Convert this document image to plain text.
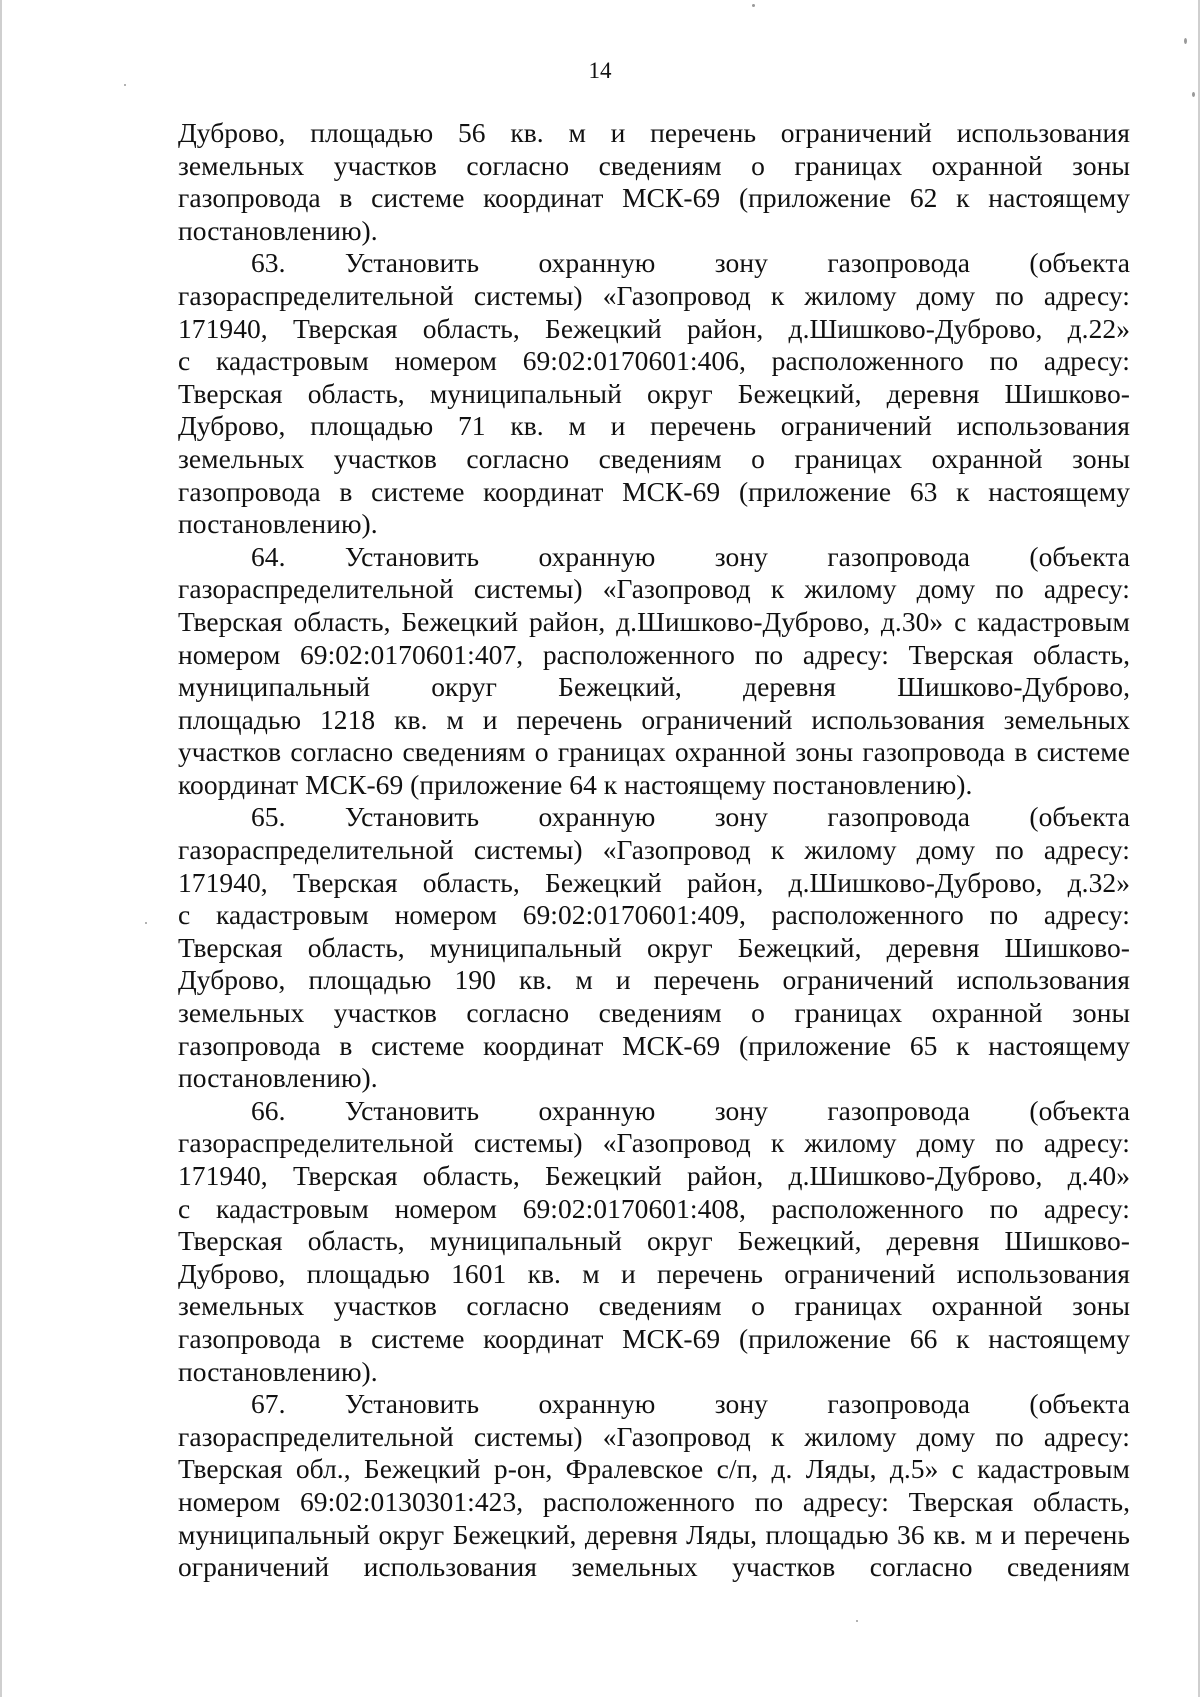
14
Дуброво, площадью 56 кв. м и перечень ограничений использования
земельных участков согласно сведениям о границах охранной зоны
газопровода в системе координат МСК-69 (приложение 62 к настоящему
постановлению).
63. Установить охранную зону газопровода (объекта
газораспределительной системы) «Газопровод к жилому дому по адресу:
171940, Тверская область, Бежецкий район, д.Шишково-Дуброво, д.22»
с кадастровым номером 69:02:0170601:406, расположенного по адресу:
Тверская область, муниципальный округ Бежецкий, деревня Шишково-
Дуброво, площадью 71 кв. м и перечень ограничений использования
земельных участков согласно сведениям о границах охранной зоны
газопровода в системе координат МСК-69 (приложение 63 к настоящему
постановлению).
64. Установить охранную зону газопровода (объекта
газораспределительной системы) «Газопровод к жилому дому по адресу:
Тверская область, Бежецкий район, д.Шишково-Дуброво, д.30» с кадастровым
номером 69:02:0170601:407, расположенного по адресу: Тверская область,
муниципальный округ Бежецкий, деревня Шишково-Дуброво,
площадью 1218 кв. м и перечень ограничений использования земельных
участков согласно сведениям о границах охранной зоны газопровода в системе
координат МСК-69 (приложение 64 к настоящему постановлению).
65. Установить охранную зону газопровода (объекта
газораспределительной системы) «Газопровод к жилому дому по адресу:
171940, Тверская область, Бежецкий район, д.Шишково-Дуброво, д.32»
с кадастровым номером 69:02:0170601:409, расположенного по адресу:
Тверская область, муниципальный округ Бежецкий, деревня Шишково-
Дуброво, площадью 190 кв. м и перечень ограничений использования
земельных участков согласно сведениям о границах охранной зоны
газопровода в системе координат МСК-69 (приложение 65 к настоящему
постановлению).
66. Установить охранную зону газопровода (объекта
газораспределительной системы) «Газопровод к жилому дому по адресу:
171940, Тверская область, Бежецкий район, д.Шишково-Дуброво, д.40»
с кадастровым номером 69:02:0170601:408, расположенного по адресу:
Тверская область, муниципальный округ Бежецкий, деревня Шишково-
Дуброво, площадью 1601 кв. м и перечень ограничений использования
земельных участков согласно сведениям о границах охранной зоны
газопровода в системе координат МСК-69 (приложение 66 к настоящему
постановлению).
67. Установить охранную зону газопровода (объекта
газораспределительной системы) «Газопровод к жилому дому по адресу:
Тверская обл., Бежецкий р-он, Фралевское с/п, д. Ляды, д.5» с кадастровым
номером 69:02:0130301:423, расположенного по адресу: Тверская область,
муниципальный округ Бежецкий, деревня Ляды, площадью 36 кв. м и перечень
ограничений использования земельных участков согласно сведениям
